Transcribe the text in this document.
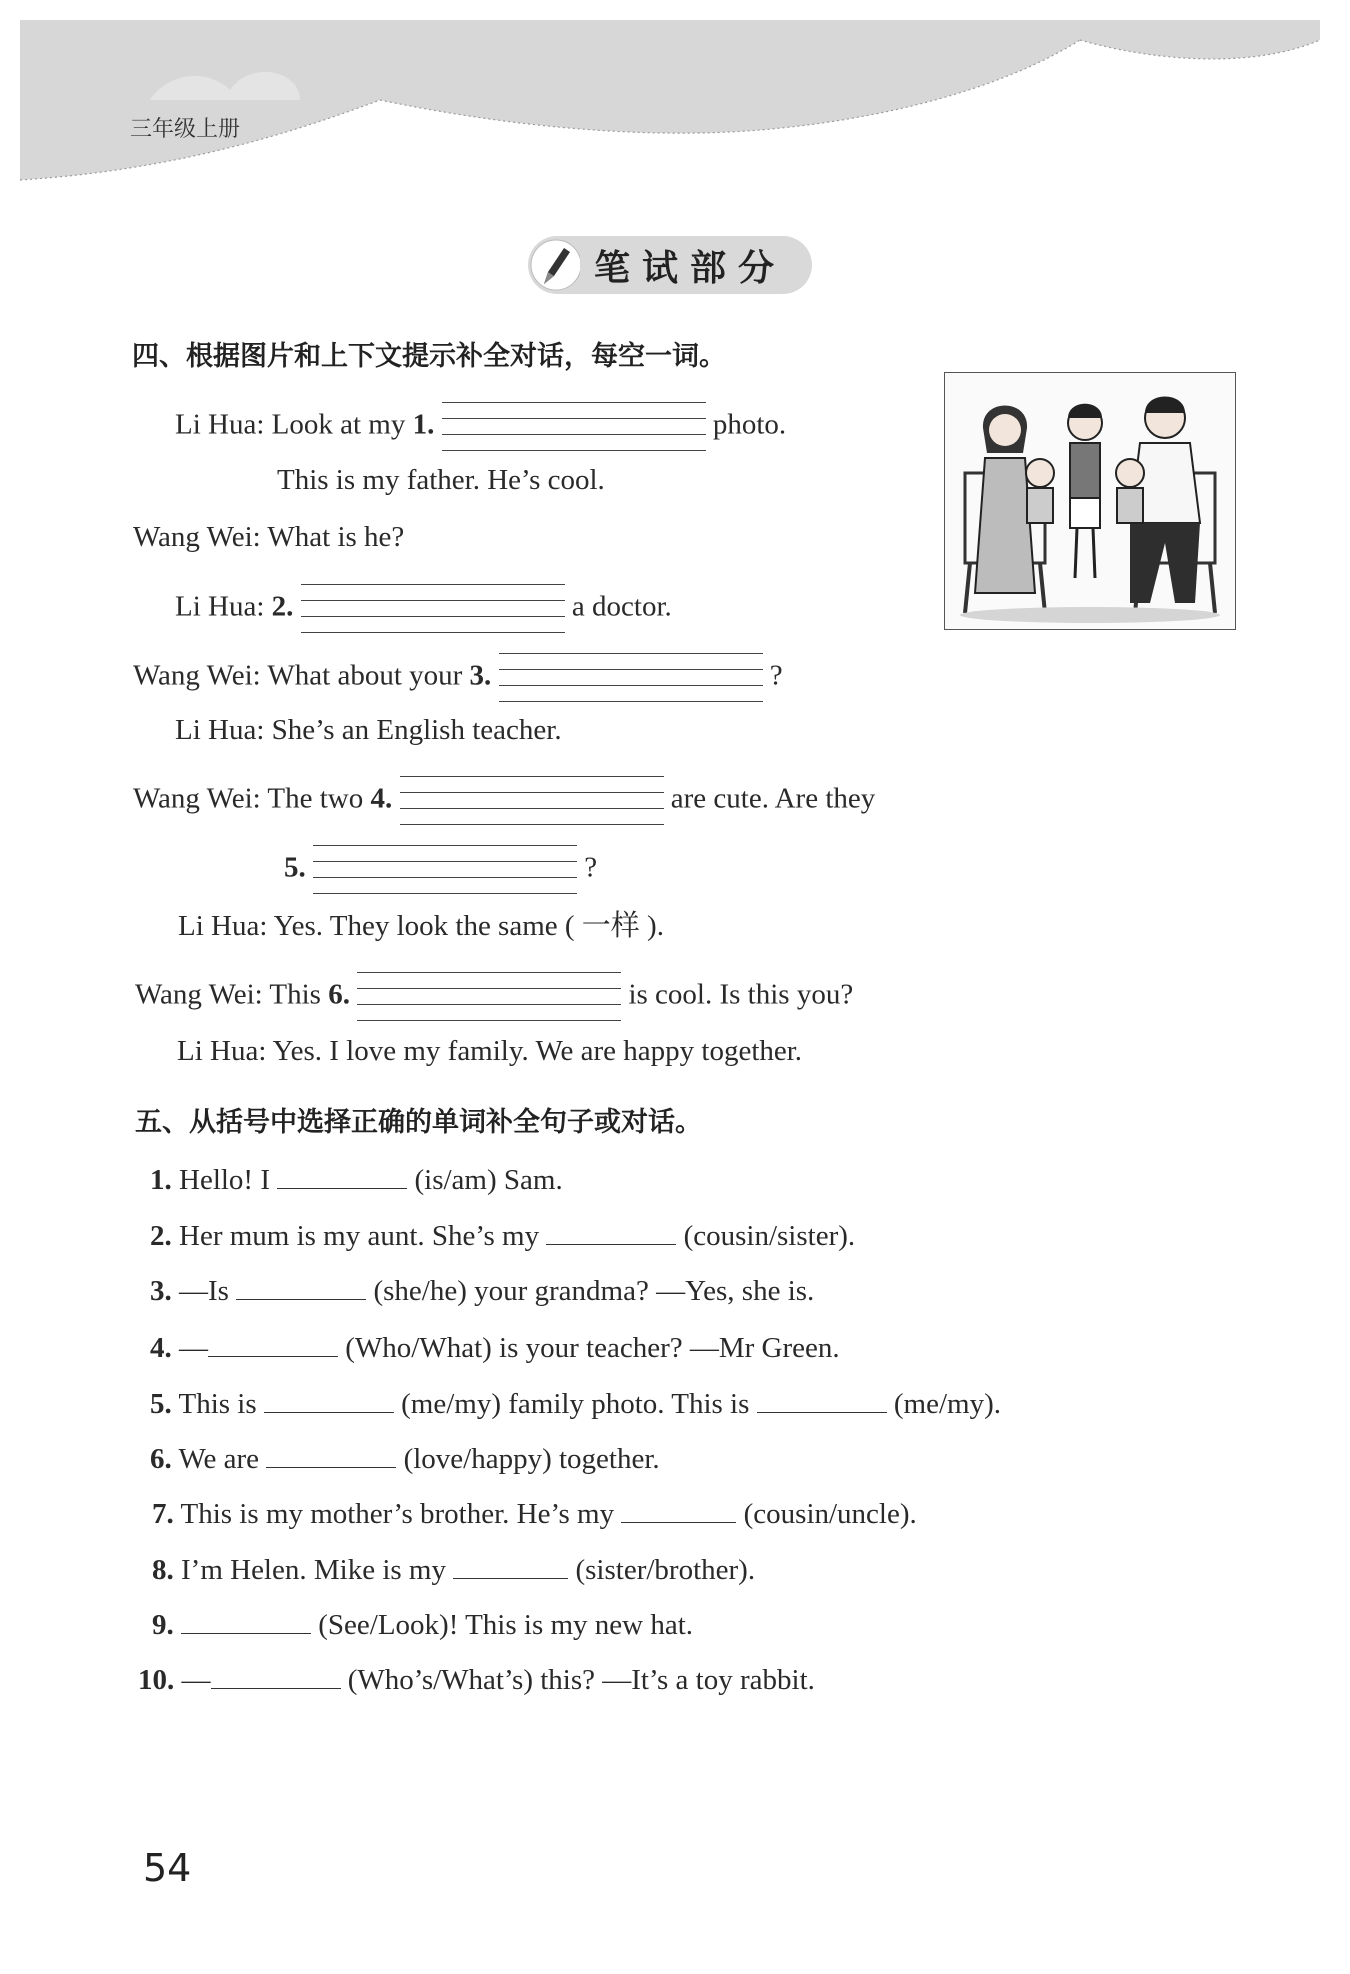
三年级上册
笔试部分
四、根据图片和上下文提示补全对话，每空一词。
Li Hua: Look at my 1.	photo.
This is my father. He’s cool.
Wang Wei: What is he?
Li Hua: 2.	a doctor.
Wang Wei: What about your 3.	?
Li Hua: She’s an English teacher.
Wang Wei: The two 4.	are cute. Are they
5.	?
Li Hua: Yes. They look the same ( 一样 ).
Wang Wei: This 6.	is cool. Is this you?
Li Hua: Yes. I love my family. We are happy together.
五、从括号中选择正确的单词补全句子或对话。
1. Hello! I	(is/am) Sam.
2. Her mum is my aunt. She’s my	(cousin/sister).
3. —Is	(she/he) your grandma? —Yes, she is.
4. —	(Who/What) is your teacher? —Mr Green.
5. This is	(me/my) family photo. This is	(me/my).
6. We are	(love/happy) together.
7. This is my mother’s brother. He’s my	(cousin/uncle).
8. I’m Helen. Mike is my	(sister/brother).
9.	(See/Look)! This is my new hat.
10. —	(Who’s/What’s) this? —It’s a toy rabbit.
54
